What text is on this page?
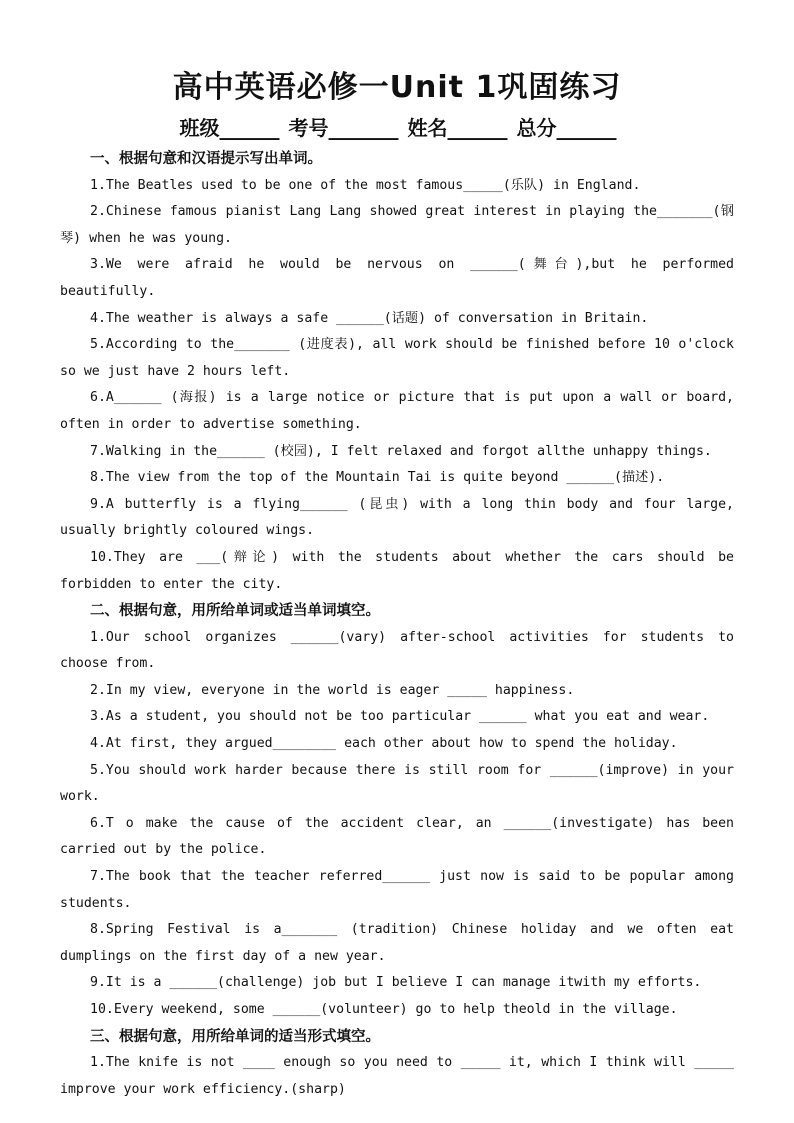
高中英语必修一Unit 1巩固练习
班级______ 考号_______ 姓名______ 总分______
一、根据句意和汉语提示写出单词。
1.The Beatles used to be one of the most famous_____(乐队) in England.
2.Chinese famous pianist Lang Lang showed great interest in playing the_______(钢琴) when he was young.
3.We were afraid he would be nervous on ______(舞台),but he performed beautifully.
4.The weather is always a safe ______(话题) of conversation in Britain.
5.According to the_______ (进度表), all work should be finished before 10 o'clock so we just have 2 hours left.
6.A______ (海报) is a large notice or picture that is put upon a wall or board, often in order to advertise something.
7.Walking in the______ (校园), I felt relaxed and forgot allthe unhappy things.
8.The view from the top of the Mountain Tai is quite beyond ______(描述).
9.A butterfly is a flying______ (昆虫) with a long thin body and four large, usually brightly coloured wings.
10.They are ___(辩论) with the students about whether the cars should be forbidden to enter the city.
二、根据句意，用所给单词或适当单词填空。
1.Our school organizes ______(vary) after-school activities for students to choose from.
2.In my view, everyone in the world is eager _____ happiness.
3.As a student, you should not be too particular ______ what you eat and wear.
4.At first, they argued________ each other about how to spend the holiday.
5.You should work harder because there is still room for ______(improve) in your work.
6.T o make the cause of the accident clear, an ______(investigate) has been carried out by the police.
7.The book that the teacher referred______ just now is said to be popular among students.
8.Spring Festival is a_______ (tradition) Chinese holiday and we often eat dumplings on the first day of a new year.
9.It is a ______(challenge) job but I believe I can manage itwith my efforts.
10.Every weekend, some ______(volunteer) go to help theold in the village.
三、根据句意，用所给单词的适当形式填空。
1.The knife is not ____ enough so you need to _____ it, which I think will _____ improve your work efficiency.(sharp)
